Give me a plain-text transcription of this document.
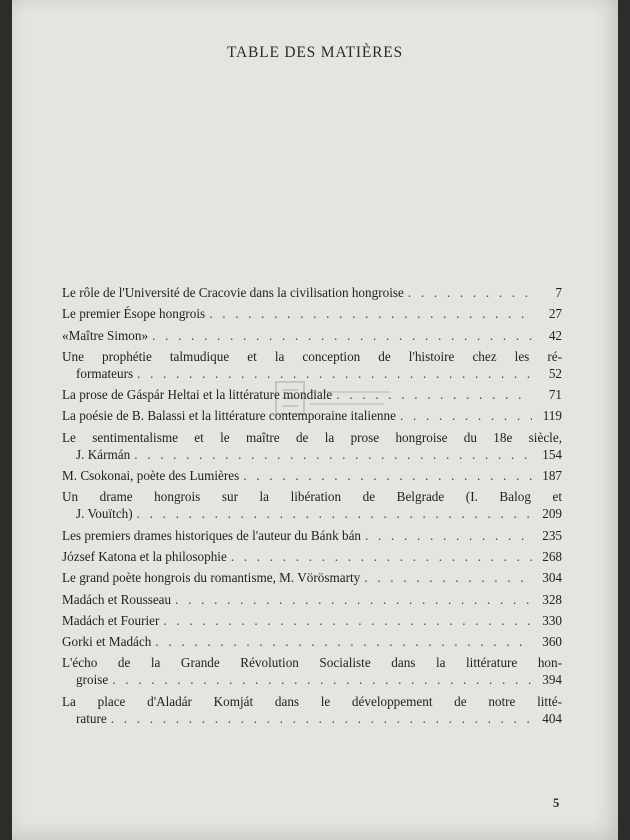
TABLE DES MATIÈRES
Le rôle de l'Université de Cracovie dans la civilisation hongroise . . .	7
Le premier Ésope hongrois . . .	27
«Maître Simon» . . .	42
Une prophétie talmudique et la conception de l'histoire chez les ré-
formateurs . . .	52
La prose de Gáspár Heltai et la littérature mondiale . . .	71
La poésie de B. Balassi et la littérature contemporaine italienne . . .	119
Le sentimentalisme et le maître de la prose hongroise du 18e siècle,
J. Kármán . . .	154
M. Csokonai, poète des Lumières . . .	187
Un drame hongrois sur la libération de Belgrade (I. Balog et
J. Vouïtch) . . .	209
Les premiers drames historiques de l'auteur du Bánk bán . . .	235
József Katona et la philosophie . . .	268
Le grand poète hongrois du romantisme, M. Vörösmarty . . .	304
Madách et Rousseau . . .	328
Madách et Fourier . . .	330
Gorki et Madách . . .	360
L'écho de la Grande Révolution Socialiste dans la littérature hon-
groise . . .	394
La place d'Aladár Komját dans le développement de notre litté-
rature . . .	404
5
